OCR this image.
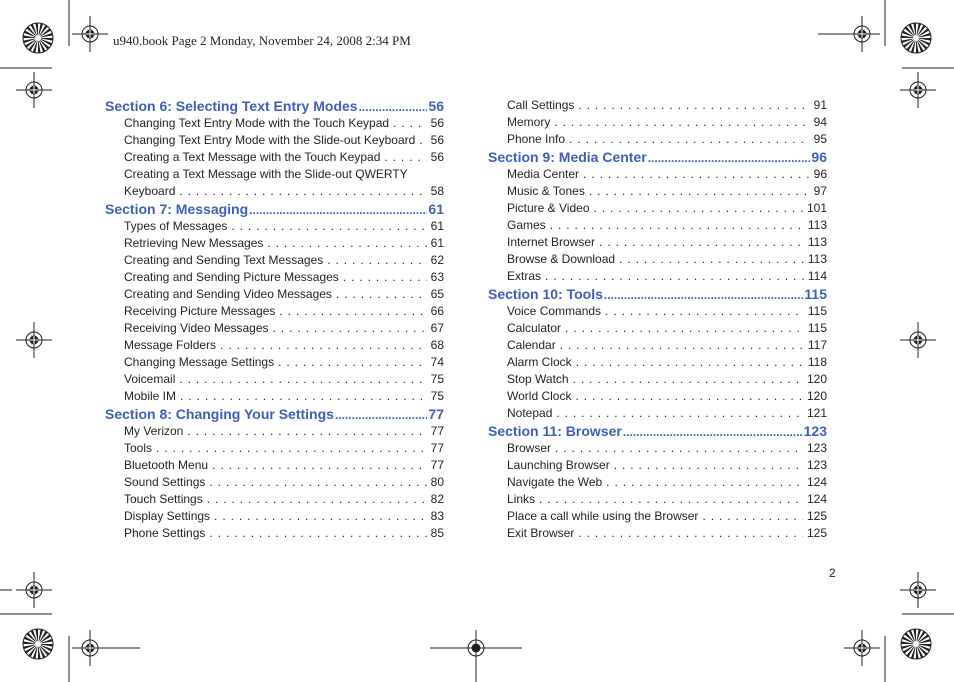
u940.book Page 2 Monday, November 24, 2008 2:34 PM
Section 6: Selecting Text Entry Modes .....	56
Changing Text Entry Mode with the Touch Keypad . . .	56
Changing Text Entry Mode with the Slide-out Keyboard . . . 56
Creating a Text Message with the Touch Keypad . . .	56
Creating a Text Message with the Slide-out QWERTY
Keyboard . . .	58
Section 7: Messaging .....	61
Types of Messages . . .	61
Retrieving New Messages . . .	61
Creating and Sending Text Messages . . .	62
Creating and Sending Picture Messages . . .	63
Creating and Sending Video Messages . . .	65
Receiving Picture Messages . . .	66
Receiving Video Messages . . .	67
Message Folders . . .	68
Changing Message Settings . . .	74
Voicemail . . .	75
Mobile IM . . .	75
Section 8: Changing Your Settings .....	77
My Verizon . . .	77
Tools . . .	77
Bluetooth Menu . . .	77
Sound Settings . . .	80
Touch Settings . . .	82
Display Settings . . .	83
Phone Settings . . .	85
Call Settings . . .	91
Memory . . .	94
Phone Info . . .	95
Section 9: Media Center .....	96
Media Center . . .	96
Music & Tones . . .	97
Picture & Video . . .	101
Games . . .	113
Internet Browser . . .	113
Browse & Download . . .	113
Extras . . .	114
Section 10: Tools .....	115
Voice Commands . . .	115
Calculator . . .	115
Calendar . . .	117
Alarm Clock . . .	118
Stop Watch . . .	120
World Clock . . .	120
Notepad . . .	121
Section 11: Browser .....	123
Browser . . .	123
Launching Browser . . .	123
Navigate the Web . . .	124
Links . . .	124
Place a call while using the Browser . . .	125
Exit Browser . . .	125
2
